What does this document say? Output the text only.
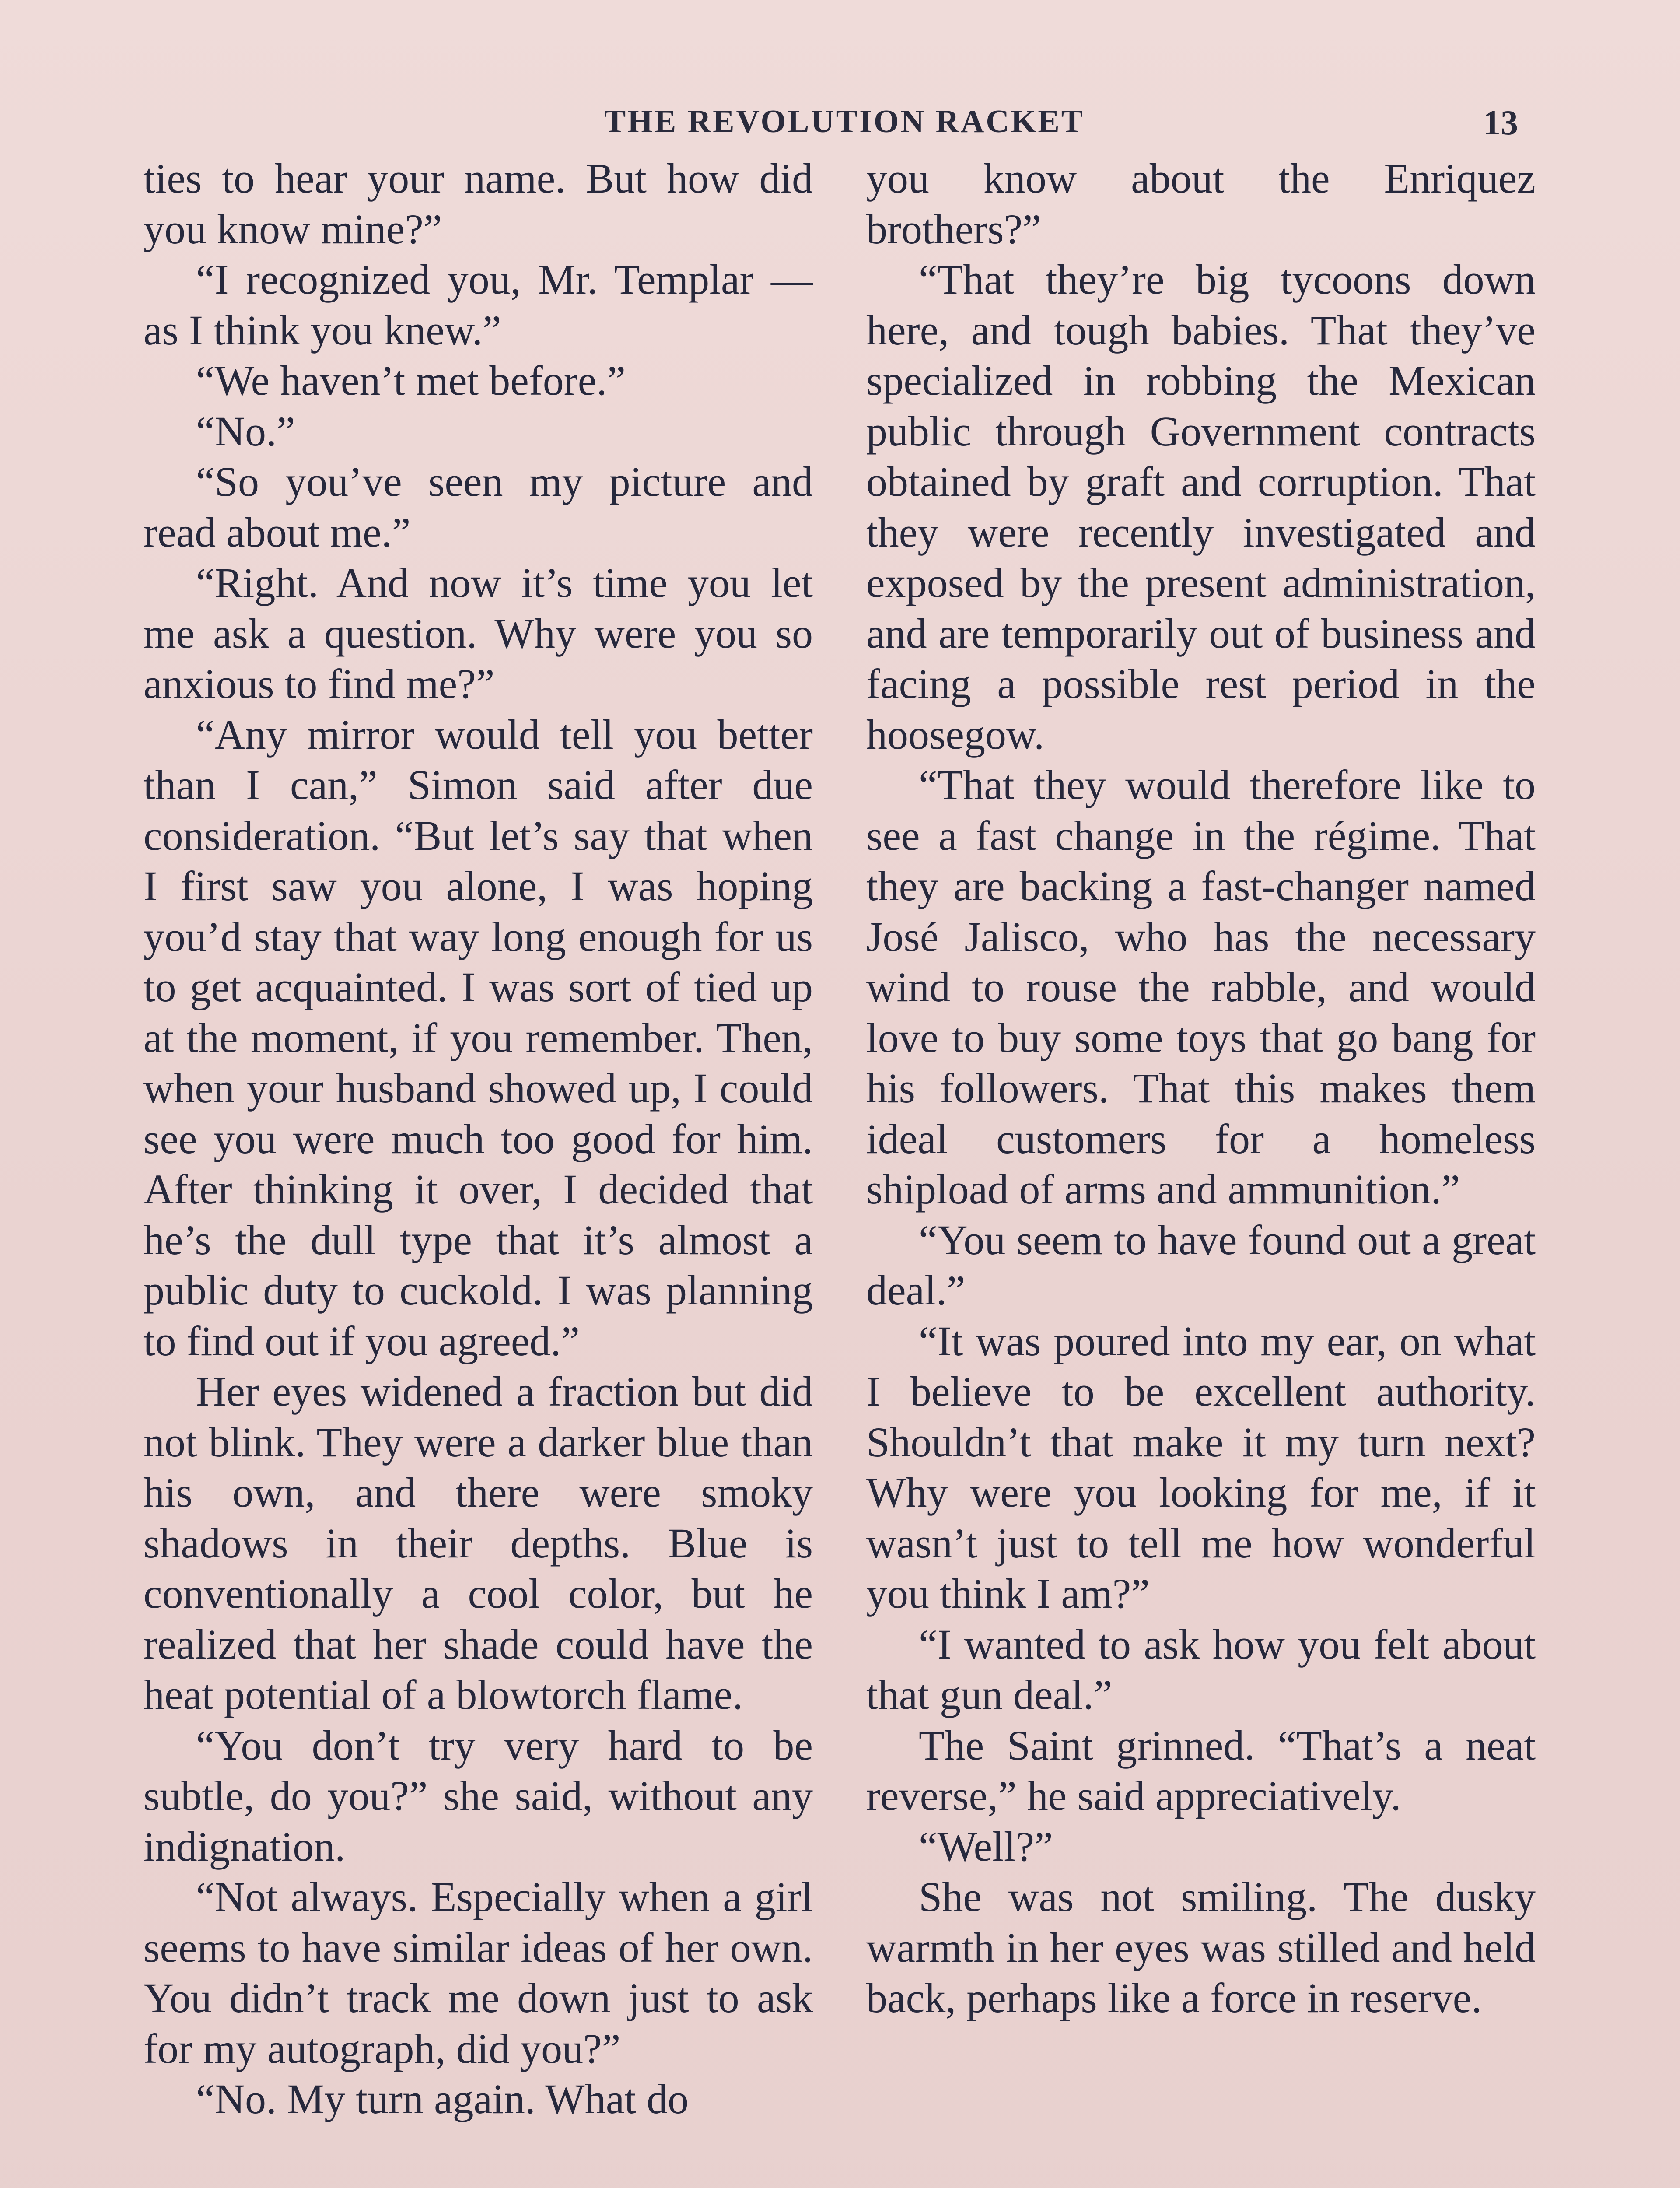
THE REVOLUTION RACKET	13

ties to hear your name. But how did you know mine?”

“I recognized you, Mr. Templar —as I think you knew.”

“We haven’t met before.”

“No.”

“So you’ve seen my picture and read about me.”

“Right. And now it’s time you let me ask a question. Why were you so anxious to find me?”

“Any mirror would tell you better than I can,” Simon said after due consideration. “But let’s say that when I first saw you alone, I was hoping you’d stay that way long enough for us to get acquainted. I was sort of tied up at the moment, if you remember. Then, when your husband showed up, I could see you were much too good for him. After thinking it over, I decided that he’s the dull type that it’s almost a public duty to cuckold. I was planning to find out if you agreed.”

Her eyes widened a fraction but did not blink. They were a darker blue than his own, and there were smoky shadows in their depths. Blue is conventionally a cool color, but he realized that her shade could have the heat potential of a blowtorch flame.

“You don’t try very hard to be subtle, do you?” she said, without any indignation.

“Not always. Especially when a girl seems to have similar ideas of her own. You didn’t track me down just to ask for my autograph, did you?”

“No. My turn again. What do

you know about the Enriquez brothers?”

“That they’re big tycoons down here, and tough babies. That they’ve specialized in robbing the Mexican public through Government contracts obtained by graft and corruption. That they were recently investigated and exposed by the present administration, and are temporarily out of business and facing a possible rest period in the hoosegow.

“That they would therefore like to see a fast change in the régime. That they are backing a fast-changer named José Jalisco, who has the necessary wind to rouse the rabble, and would love to buy some toys that go bang for his followers. That this makes them ideal customers for a homeless shipload of arms and ammunition.”

“You seem to have found out a great deal.”

“It was poured into my ear, on what I believe to be excellent authority. Shouldn’t that make it my turn next? Why were you looking for me, if it wasn’t just to tell me how wonderful you think I am?”

“I wanted to ask how you felt about that gun deal.”

The Saint grinned. “That’s a neat reverse,” he said appreciatively.

“Well?”

She was not smiling. The dusky warmth in her eyes was stilled and held back, perhaps like a force in reserve.
